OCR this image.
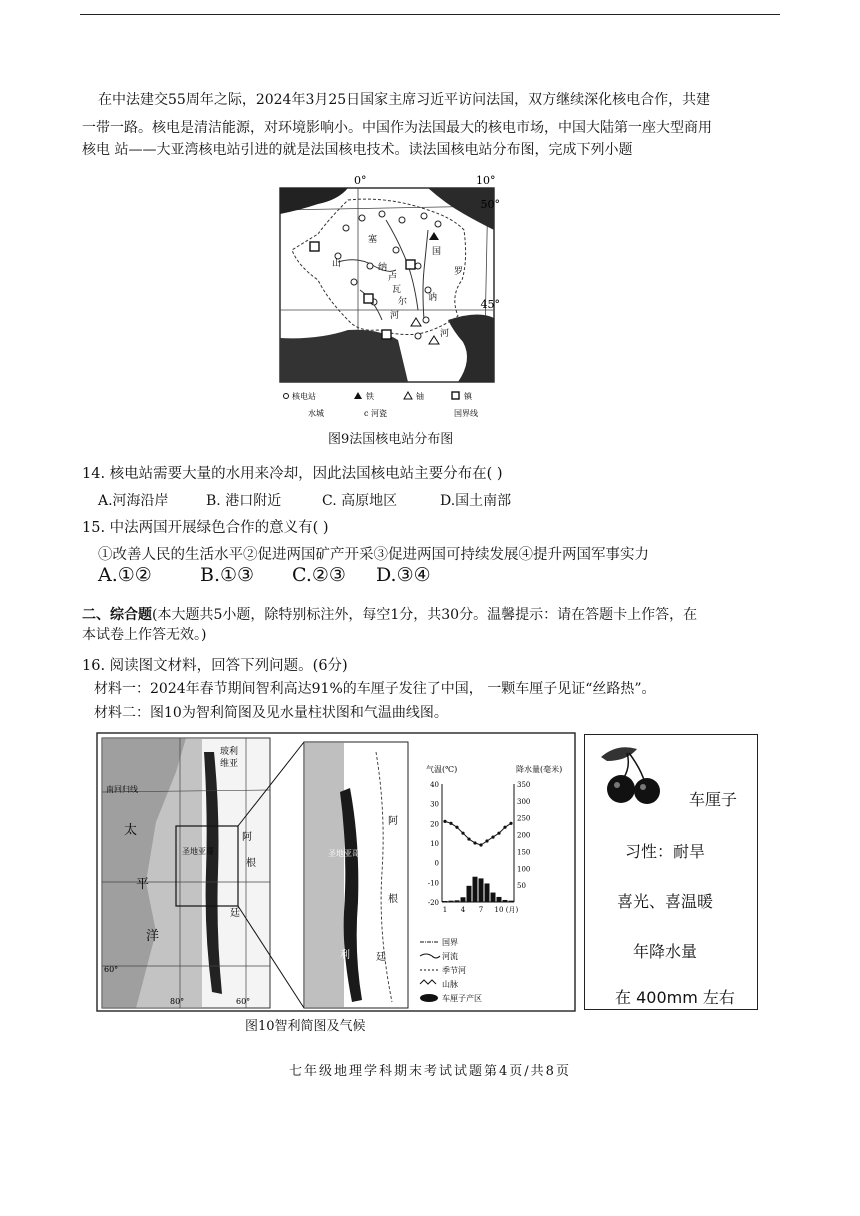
在中法建交55周年之际，2024年3月25日国家主席习近平访问法国，双方继续深化核电合作，共建
一带一路。核电是清洁能源，对环境影响小。中国作为法国最大的核电市场，中国大陆第一座大型商用
核电 站——大亚湾核电站引进的就是法国核电技术。读法国核电站分布图，完成下列小题
0°	10°
50°
45°
塞
纳
国
卢
瓦
尔
罗
讷
河
河
山
地中海
核电站	铁	铀	镇
水城	c 河瓷	国界线
图9法国核电站分布图
14. 核电站需要大量的水用来冷却，因此法国核电站主要分布在( )
A.河海沿岸	B. 港口附近	C. 高原地区	D.国土南部
15. 中法两国开展绿色合作的意义有( )
①改善人民的生活水平②促进两国矿产开采③促进两国可持续发展④提升两国军事实力
A.①②	B.①③ C.②③ D.③④
二、综合题(本大题共5小题，除特别标注外，每空1分，共30分。温馨提示：请在答题卡上作答，在
本试卷上作答无效。)
16. 阅读图文材料，回答下列问题。(6分)
材料一：2024年春节期间智利高达91%的车厘子发往了中国， 一颗车厘子见证“丝路热”。
材料二：图10为智利简图及见水量柱状图和气温曲线图。
玻利
维亚
南回归线
太
平
洋
阿
根
廷
圣地亚哥
60°
80°	60°
圣地亚哥
阿
根
廷
利
气温(℃)	降水量(毫米)
40
30
20
10
0
-10
-20
350
300
250
200
150
100
50
1 4 7 10 (月)
国界
河流
季节河
山脉
车厘子产区
图10智利简图及气候
车厘子
习性：耐旱
喜光、喜温暖
年降水量
在 400mm 左右
七年级地理学科期末考试试题第4页/共8页
